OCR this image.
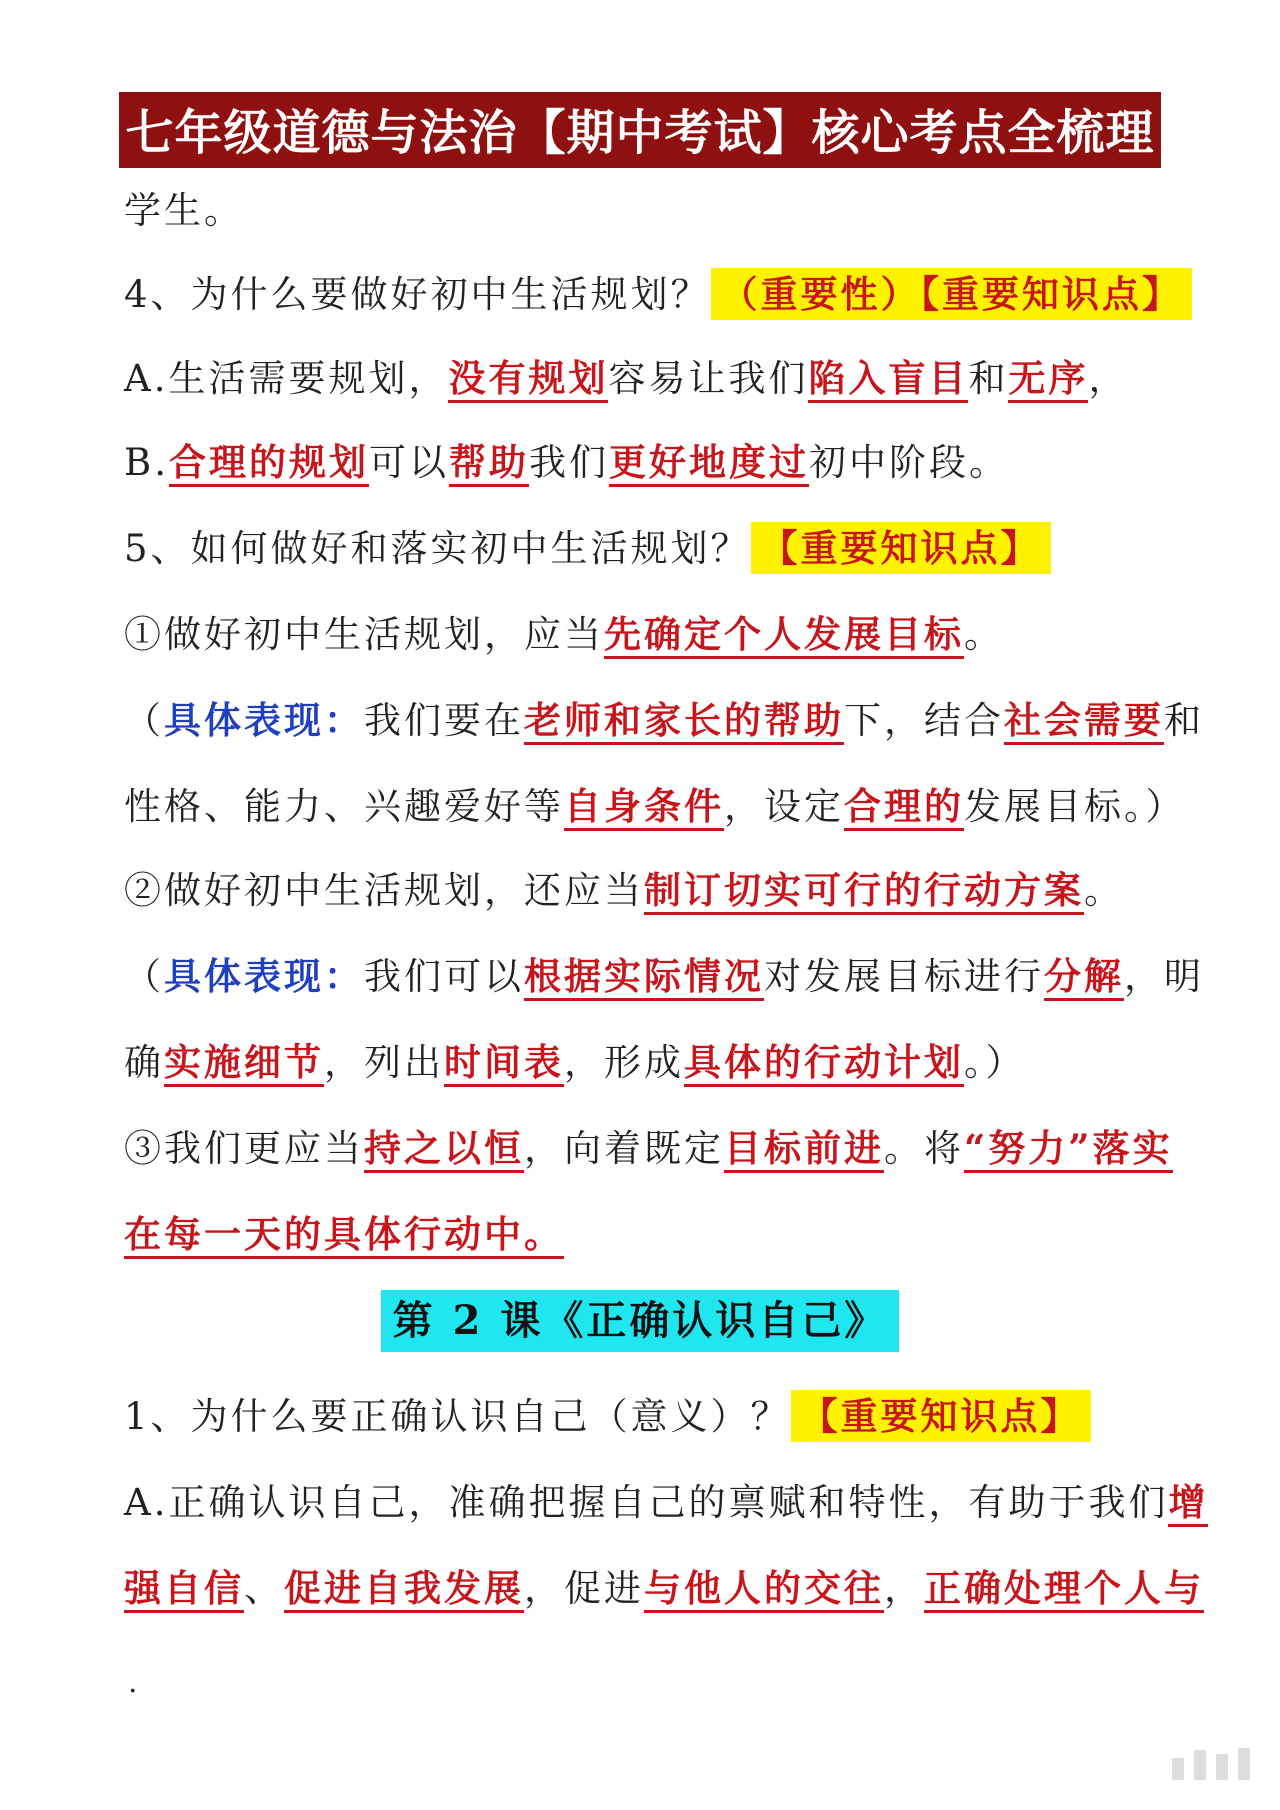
七年级道德与法治【期中考试】核心考点全梳理
学生。
4、为什么要做好初中生活规划？ （重要性）【重要知识点】
A.生活需要规划，没有规划容易让我们陷入盲目和无序，
B.合理的规划可以帮助我们更好地度过初中阶段。
5、如何做好和落实初中生活规划？ 【重要知识点】
①做好初中生活规划，应当先确定个人发展目标。
（具体表现：我们要在老师和家长的帮助下，结合社会需要和
性格、能力、兴趣爱好等自身条件，设定合理的发展目标。）
②做好初中生活规划，还应当制订切实可行的行动方案。
（具体表现：我们可以根据实际情况对发展目标进行分解，明
确实施细节，列出时间表，形成具体的行动计划。）
③我们更应当持之以恒，向着既定目标前进。将“努力”落实
在每一天的具体行动中。
第 2 课《正确认识自己》
1、为什么要正确认识自己（意义）？ 【重要知识点】
A.正确认识自己，准确把握自己的禀赋和特性，有助于我们增
强自信、促进自我发展，促进与他人的交往，正确处理个人与
.
